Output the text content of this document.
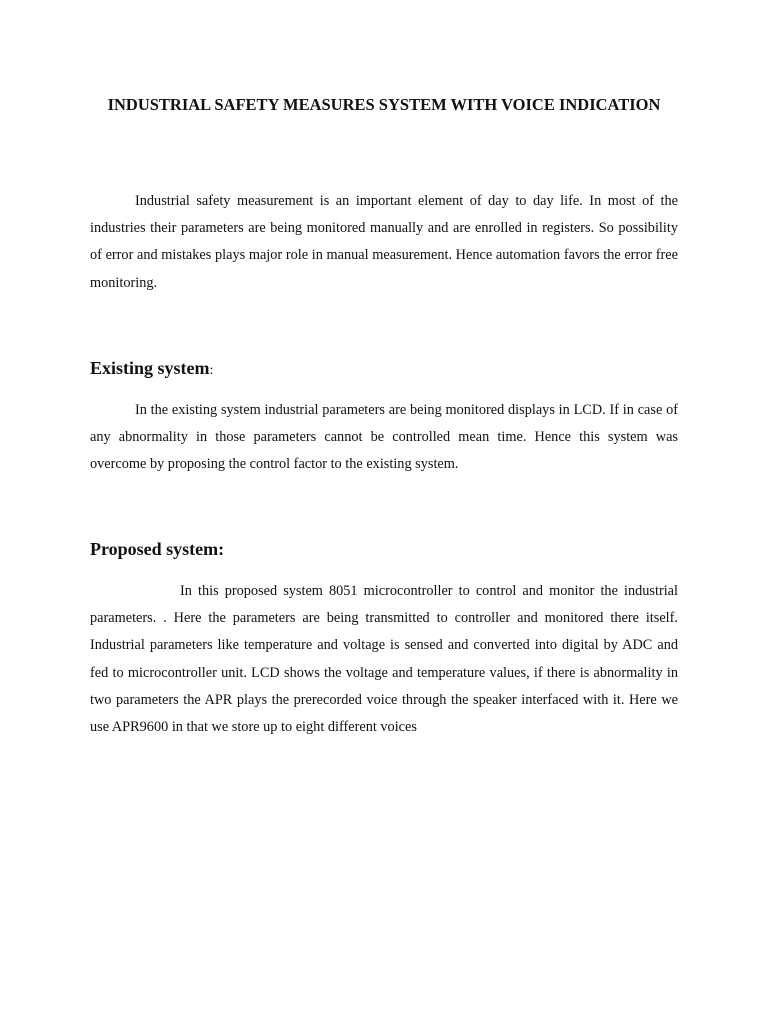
INDUSTRIAL SAFETY MEASURES SYSTEM WITH VOICE INDICATION

Industrial safety measurement is an important element of day to day life. In most of the industries their parameters are being monitored manually and are enrolled in registers. So possibility of error and mistakes plays major role in manual measurement. Hence automation favors the error free monitoring.

Existing system:

In the existing system industrial parameters are being monitored displays in LCD. If in case of any abnormality in those parameters cannot be controlled mean time. Hence this system was overcome by proposing the control factor to the existing system.

Proposed system:

In this proposed system 8051 microcontroller to control and monitor the industrial parameters. . Here the parameters are being transmitted to controller and monitored there itself. Industrial parameters like temperature and voltage is sensed and converted into digital by ADC and fed to microcontroller unit. LCD shows the voltage and temperature values, if there is abnormality in two parameters the APR plays the prerecorded voice through the speaker interfaced with it. Here we use APR9600 in that we store up to eight different voices
